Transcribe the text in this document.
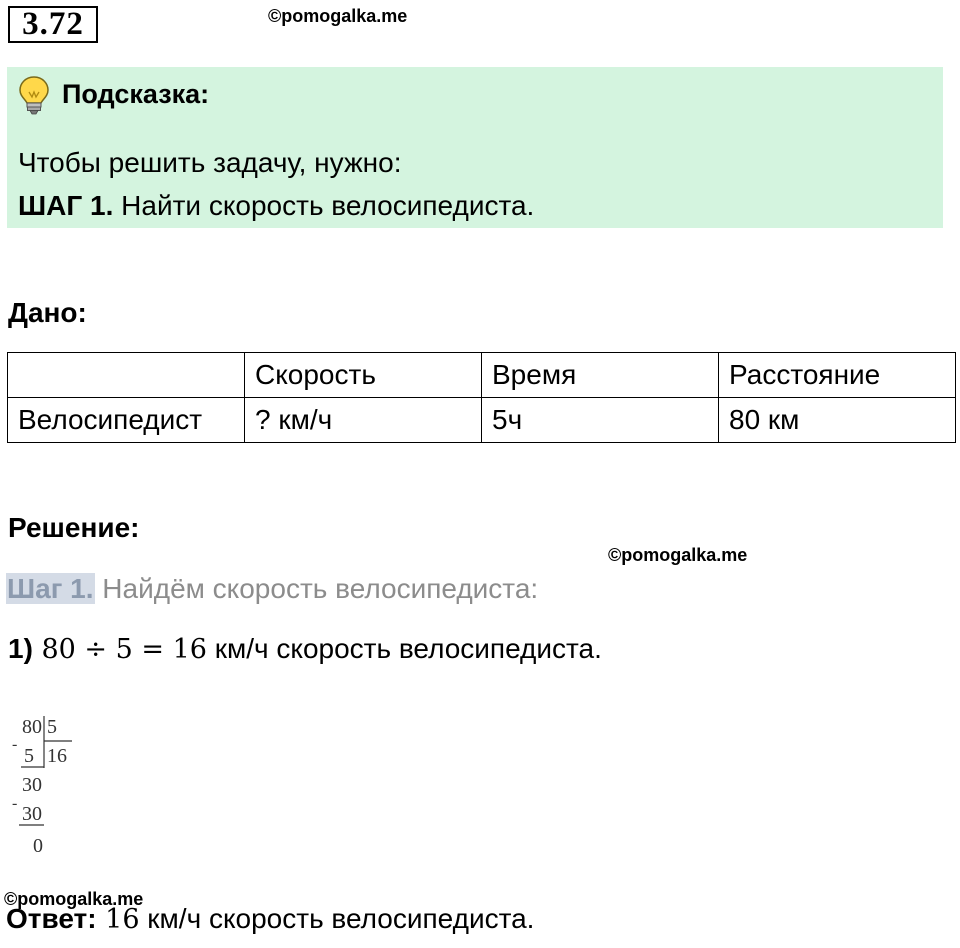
3.72	©pomogalka.me
Подсказка:
Чтобы решить задачу, нужно:
ШАГ 1. Найти скорость велосипедиста.
Дано:
	Скорость	Время	Расстояние
Велосипедист	? км/ч	5ч	80 км
Решение:
©pomogalka.me
Шаг 1. Найдём скорость велосипедиста:
1) 80 ÷ 5 = 16 км/ч скорость велосипедиста.
80 5
16
-
5
30
- 30
0
©pomogalka.me
Ответ: 16 км/ч скорость велосипедиста.
